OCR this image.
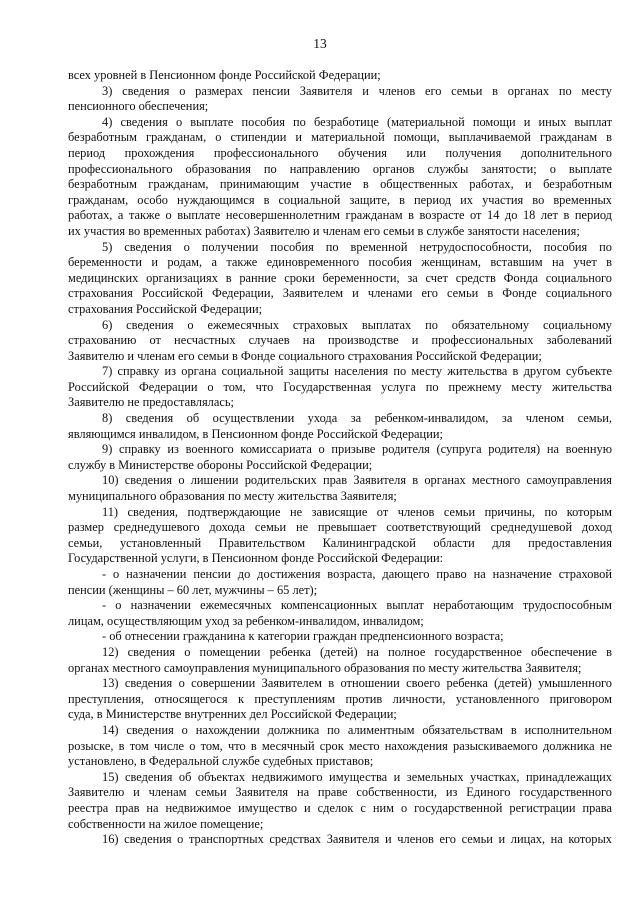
13
всех уровней в Пенсионном фонде Российской Федерации;
3) сведения о размерах пенсии Заявителя и членов его семьи в органах по месту
пенсионного обеспечения;
4) сведения о выплате пособия по безработице (материальной помощи и иных выплат
безработным гражданам, о стипендии и материальной помощи, выплачиваемой гражданам в
период прохождения профессионального обучения или получения дополнительного
профессионального образования по направлению органов службы занятости; о выплате
безработным гражданам, принимающим участие в общественных работах, и безработным
гражданам, особо нуждающимся в социальной защите, в период их участия во временных
работах, а также о выплате несовершеннолетним гражданам в возрасте от 14 до 18 лет в период
их участия во временных работах) Заявителю и членам его семьи в службе занятости населения;
5) сведения о получении пособия по временной нетрудоспособности, пособия по
беременности и родам, а также единовременного пособия женщинам, вставшим на учет в
медицинских организациях в ранние сроки беременности, за счет средств Фонда социального
страхования Российской Федерации, Заявителем и членами его семьи в Фонде социального
страхования Российской Федерации;
6) сведения о ежемесячных страховых выплатах по обязательному социальному
страхованию от несчастных случаев на производстве и профессиональных заболеваний
Заявителю и членам его семьи в Фонде социального страхования Российской Федерации;
7) справку из органа социальной защиты населения по месту жительства в другом субъекте
Российской Федерации о том, что Государственная услуга по прежнему месту жительства
Заявителю не предоставлялась;
8) сведения об осуществлении ухода за ребенком-инвалидом, за членом семьи,
являющимся инвалидом, в Пенсионном фонде Российской Федерации;
9) справку из военного комиссариата о призыве родителя (супруга родителя) на военную
службу в Министерстве обороны Российской Федерации;
10) сведения о лишении родительских прав Заявителя в органах местного самоуправления
муниципального образования по месту жительства Заявителя;
11) сведения, подтверждающие не зависящие от членов семьи причины, по которым
размер среднедушевого дохода семьи не превышает соответствующий среднедушевой доход
семьи, установленный Правительством Калининградской области для предоставления
Государственной услуги, в Пенсионном фонде Российской Федерации:
- о назначении пенсии до достижения возраста, дающего право на назначение страховой
пенсии (женщины – 60 лет, мужчины – 65 лет);
- о назначении ежемесячных компенсационных выплат неработающим трудоспособным
лицам, осуществляющим уход за ребенком-инвалидом, инвалидом;
- об отнесении гражданина к категории граждан предпенсионного возраста;
12) сведения о помещении ребенка (детей) на полное государственное обеспечение в
органах местного самоуправления муниципального образования по месту жительства Заявителя;
13) сведения о совершении Заявителем в отношении своего ребенка (детей) умышленного
преступления, относящегося к преступлениям против личности, установленного приговором
суда, в Министерстве внутренних дел Российской Федерации;
14) сведения о нахождении должника по алиментным обязательствам в исполнительном
розыске, в том числе о том, что в месячный срок место нахождения разыскиваемого должника не
установлено, в Федеральной службе судебных приставов;
15) сведения об объектах недвижимого имущества и земельных участках, принадлежащих
Заявителю и членам семьи Заявителя на праве собственности, из Единого государственного
реестра прав на недвижимое имущество и сделок с ним о государственной регистрации права
собственности на жилое помещение;
16) сведения о транспортных средствах Заявителя и членов его семьи и лицах, на которых
